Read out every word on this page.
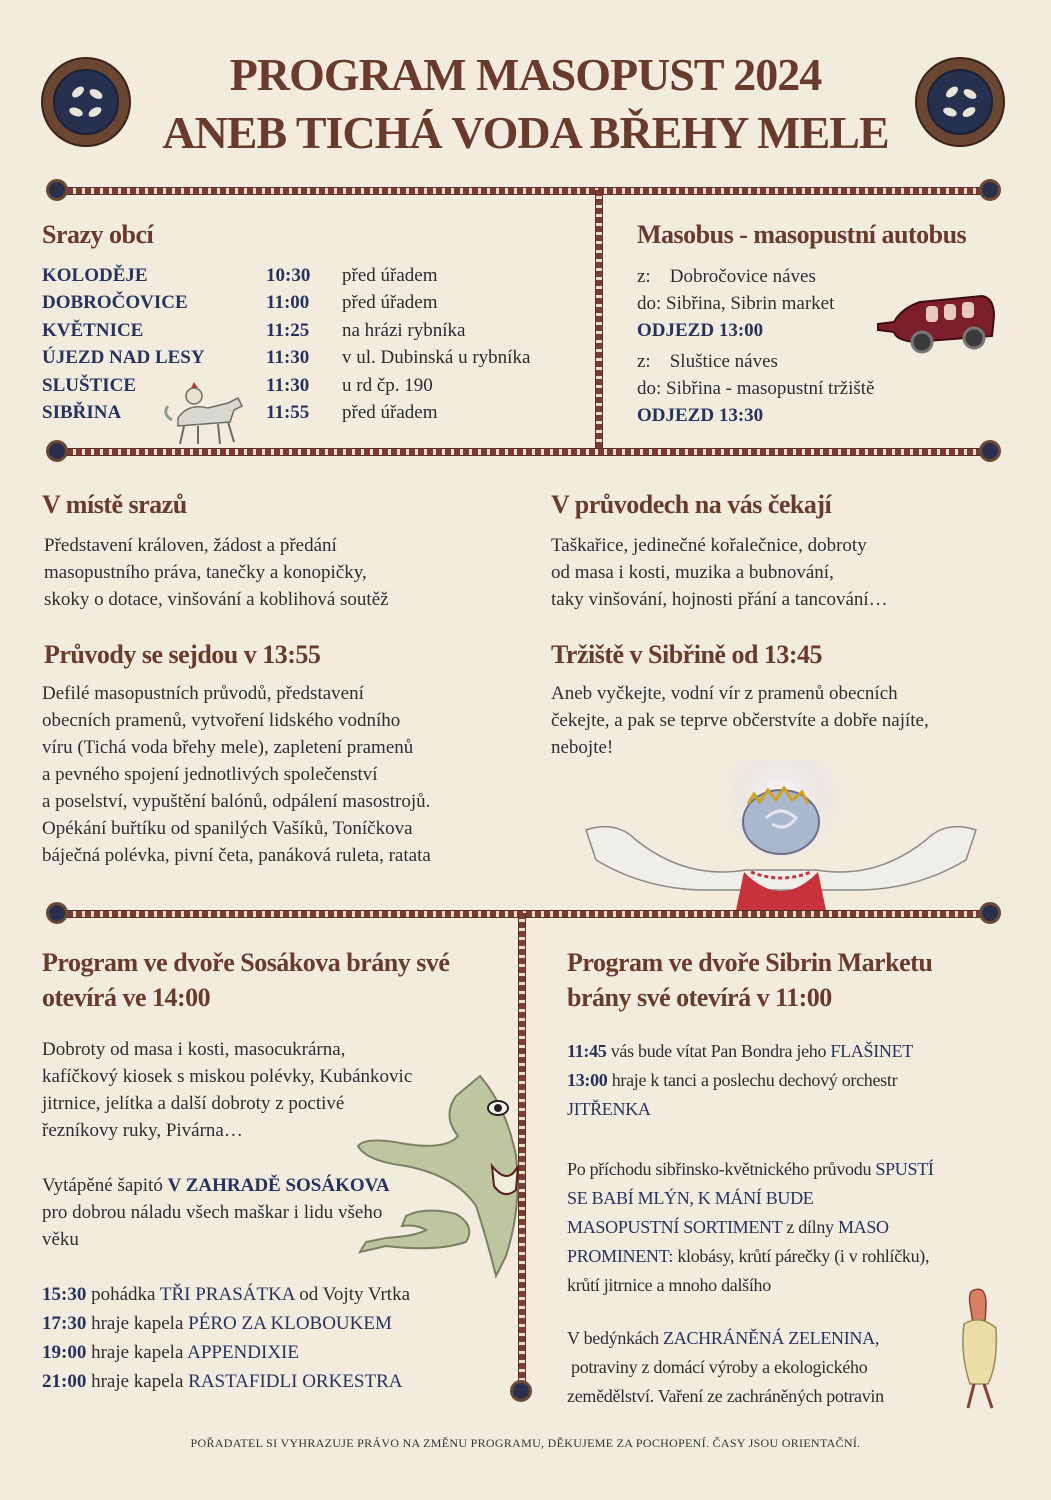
PROGRAM MASOPUST 2024
ANEB TICHÁ VODA BŘEHY MELE
Srazy obcí
KOLODĚJE	10:30	před úřadem
DOBROČOVICE	11:00	před úřadem
KVĚTNICE	11:25	na hrázi rybníka
ÚJEZD NAD LESY	11:30	v ul. Dubinská u rybníka
SLUŠTICE	11:30	u rd čp. 190
SIBŘINA	11:55	před úřadem
Masobus - masopustní autobus
z: Dobročovice náves
do: Sibřina, Sibrin market
ODJEZD 13:00
z: Sluštice náves
do: Sibřina - masopustní tržiště
ODJEZD 13:30
V místě srazů
Představení královen, žádost a předání
masopustního práva, tanečky a konopičky,
skoky o dotace, vinšování a koblihová soutěž
V průvodech na vás čekají
Taškařice, jedinečné kořalečnice, dobroty
od masa i kosti, muzika a bubnování,
taky vinšování, hojnosti přání a tancování…
Průvody se sejdou v 13:55
Defilé masopustních průvodů, představení
obecních pramenů, vytvoření lidského vodního
víru (Tichá voda břehy mele), zapletení pramenů
a pevného spojení jednotlivých společenství
a poselství, vypuštění balónů, odpálení masostrojů.
Opékání buřtíku od spanilých Vašíků, Toníčkova
báječná polévka, pivní četa, panáková ruleta, ratata
Tržiště v Sibřině od 13:45
Aneb vyčkejte, vodní vír z pramenů obecních
čekejte, a pak se teprve občerstvíte a dobře najíte,
nebojte!
Program ve dvoře Sosákova brány své
otevírá ve 14:00
Dobroty od masa i kosti, masocukrárna,
kafíčkový kiosek s miskou polévky, Kubánkovic
jitrnice, jelítka a další dobroty z poctivé
řezníkovy ruky, Pivárna…
Vytápěné šapitó V ZAHRADĚ SOSÁKOVA
pro dobrou náladu všech maškar i lidu všeho
věku
15:30 pohádka TŘI PRASÁTKA od Vojty Vrtka
17:30 hraje kapela PÉRO ZA KLOBOUKEM
19:00 hraje kapela APPENDIXIE
21:00 hraje kapela RASTAFIDLI ORKESTRA
Program ve dvoře Sibrin Marketu
brány své otevírá v 11:00
11:45 vás bude vítat Pan Bondra jeho FLAŠINET
13:00 hraje k tanci a poslechu dechový orchestr
JITŘENKA
Po příchodu sibřinsko-květnického průvodu SPUSTÍ
SE BABÍ MLÝN, K MÁNÍ BUDE
MASOPUSTNÍ SORTIMENT z dílny MASO
PROMINENT: klobásy, krůtí párečky (i v rohlíčku),
krůtí jitrnice a mnoho dalšího
V bedýnkách ZACHRÁNĚNÁ ZELENINA,
potraviny z domácí výroby a ekologického
zemědělství. Vaření ze zachráněných potravin
POŘADATEL SI VYHRAZUJE PRÁVO NA ZMĚNU PROGRAMU, DĚKUJEME ZA POCHOPENÍ. ČASY JSOU ORIENTAČNÍ.
